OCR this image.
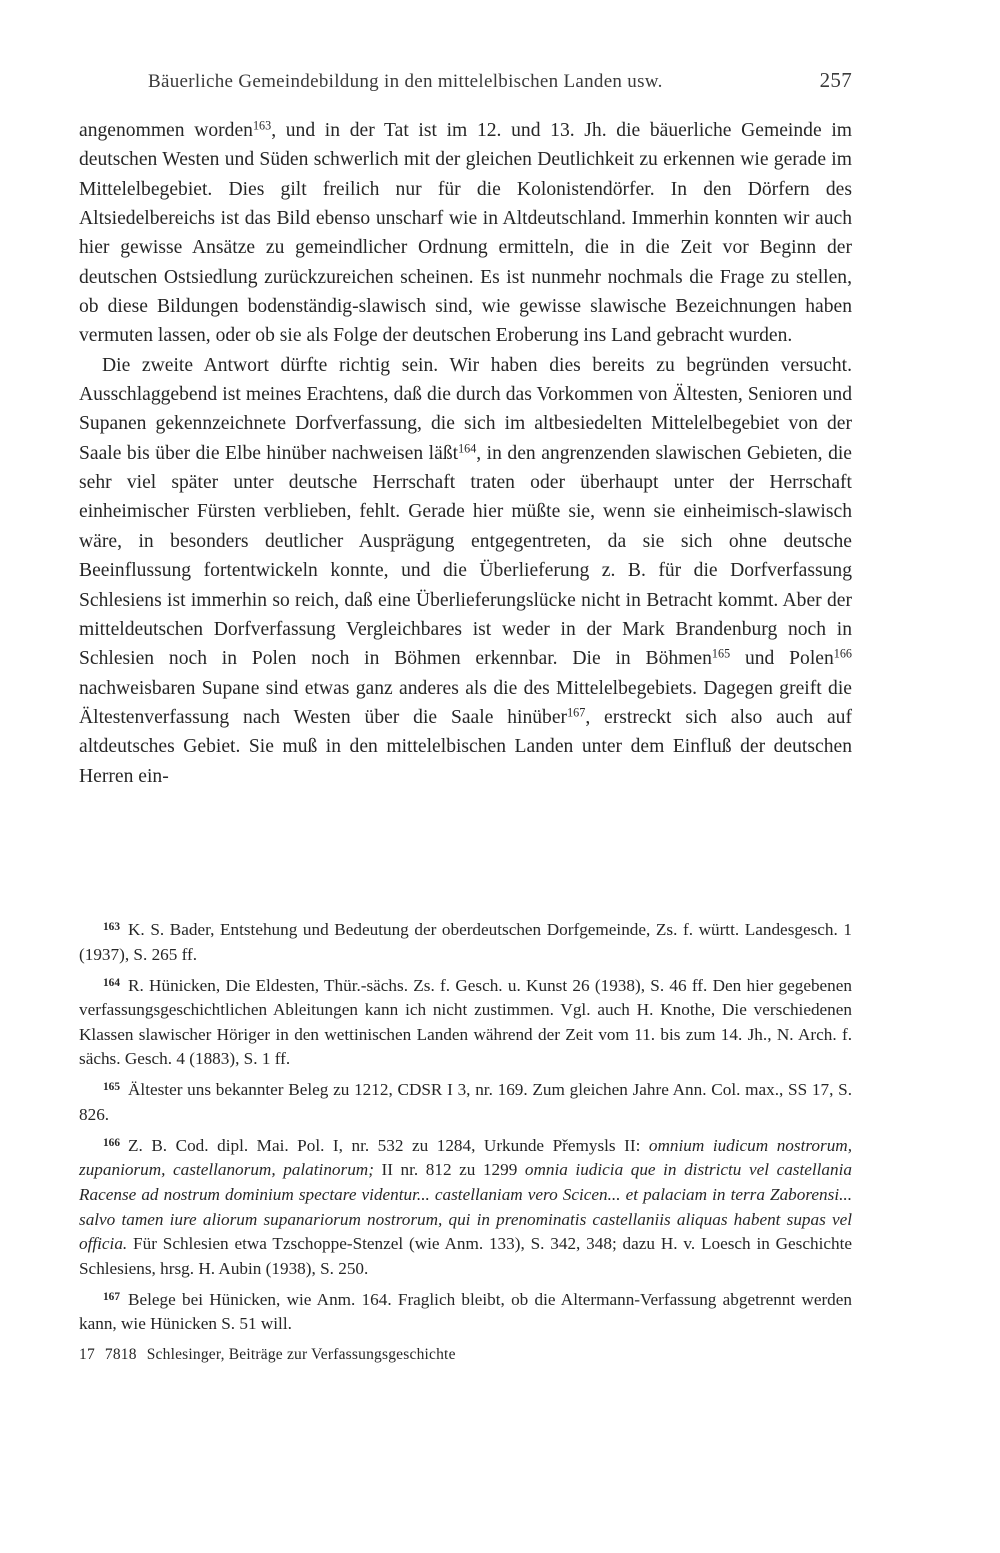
Bäuerliche Gemeindebildung in den mittelelbischen Landen usw.	257

angenommen worden$^{163}$, und in der Tat ist im 12. und 13. Jh. die bäuerliche Gemeinde im deutschen Westen und Süden schwerlich mit der gleichen Deutlichkeit zu erkennen wie gerade im Mittelelbegebiet. Dies gilt freilich nur für die Kolonistendörfer. In den Dörfern des Altsiedelbereichs ist das Bild ebenso unscharf wie in Altdeutschland. Immerhin konnten wir auch hier gewisse Ansätze zu gemeindlicher Ordnung ermitteln, die in die Zeit vor Beginn der deutschen Ostsiedlung zurückzureichen scheinen. Es ist nunmehr nochmals die Frage zu stellen, ob diese Bildungen bodenständig-slawisch sind, wie gewisse slawische Bezeichnungen haben vermuten lassen, oder ob sie als Folge der deutschen Eroberung ins Land gebracht wurden.

Die zweite Antwort dürfte richtig sein. Wir haben dies bereits zu begründen versucht. Ausschlaggebend ist meines Erachtens, daß die durch das Vorkommen von Ältesten, Senioren und Supanen gekennzeichnete Dorfverfassung, die sich im altbesiedelten Mittelelbegebiet von der Saale bis über die Elbe hinüber nachweisen läßt$^{164}$, in den angrenzenden slawischen Gebieten, die sehr viel später unter deutsche Herrschaft traten oder überhaupt unter der Herrschaft einheimischer Fürsten verblieben, fehlt. Gerade hier müßte sie, wenn sie einheimisch-slawisch wäre, in besonders deutlicher Ausprägung entgegentreten, da sie sich ohne deutsche Beeinflussung fortentwickeln konnte, und die Überlieferung z. B. für die Dorfverfassung Schlesiens ist immerhin so reich, daß eine Überlieferungslücke nicht in Betracht kommt. Aber der mitteldeutschen Dorfverfassung Vergleichbares ist weder in der Mark Brandenburg noch in Schlesien noch in Polen noch in Böhmen erkennbar. Die in Böhmen$^{165}$ und Polen$^{166}$ nachweisbaren Supane sind etwas ganz anderes als die des Mittelelbegebiets. Dagegen greift die Ältestenverfassung nach Westen über die Saale hinüber$^{167}$, erstreckt sich also auch auf altdeutsches Gebiet. Sie muß in den mittelelbischen Landen unter dem Einfluß der deutschen Herren ein-

163 K. S. Bader, Entstehung und Bedeutung der oberdeutschen Dorfgemeinde, Zs. f. württ. Landesgesch. 1 (1937), S. 265 ff.

164 R. Hünicken, Die Eldesten, Thür.-sächs. Zs. f. Gesch. u. Kunst 26 (1938), S. 46 ff. Den hier gegebenen verfassungsgeschichtlichen Ableitungen kann ich nicht zustimmen. Vgl. auch H. Knothe, Die verschiedenen Klassen slawischer Höriger in den wettinischen Landen während der Zeit vom 11. bis zum 14. Jh., N. Arch. f. sächs. Gesch. 4 (1883), S. 1 ff.

165 Ältester uns bekannter Beleg zu 1212, CDSR I 3, nr. 169. Zum gleichen Jahre Ann. Col. max., SS 17, S. 826.

166 Z. B. Cod. dipl. Mai. Pol. I, nr. 532 zu 1284, Urkunde Přemysls II: omnium iudicum nostrorum, zupaniorum, castellanorum, palatinorum; II nr. 812 zu 1299 omnia iudicia que in districtu vel castellania Racense ad nostrum dominium spectare videntur... castellaniam vero Scicen... et palaciam in terra Zaborensi... salvo tamen iure aliorum supanariorum nostrorum, qui in prenominatis castellaniis aliquas habent supas vel officia. Für Schlesien etwa Tzschoppe-Stenzel (wie Anm. 133), S. 342, 348; dazu H. v. Loesch in Geschichte Schlesiens, hrsg. H. Aubin (1938), S. 250.

167 Belege bei Hünicken, wie Anm. 164. Fraglich bleibt, ob die Altermann-Verfassung abgetrennt werden kann, wie Hünicken S. 51 will.

17 7818 Schlesinger, Beiträge zur Verfassungsgeschichte
